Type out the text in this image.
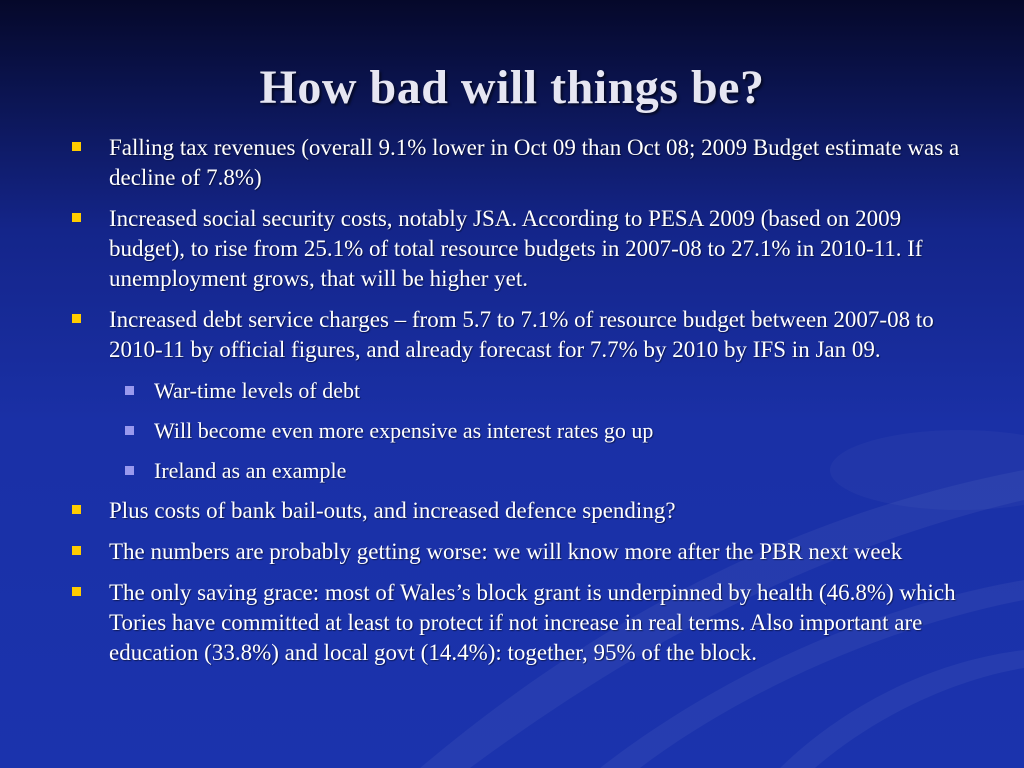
How bad will things be?
Falling tax revenues (overall 9.1% lower in Oct 09 than Oct 08; 2009 Budget estimate was a decline of 7.8%)
Increased social security costs, notably JSA. According to PESA 2009 (based on 2009 budget), to rise from 25.1% of total resource budgets in 2007-08 to 27.1% in 2010-11. If unemployment grows, that will be higher yet.
Increased debt service charges – from 5.7 to 7.1% of resource budget between 2007-08 to 2010-11 by official figures, and already forecast for 7.7% by 2010 by IFS in Jan 09.
War-time levels of debt
Will become even more expensive as interest rates go up
Ireland as an example
Plus costs of bank bail-outs, and increased defence spending?
The numbers are probably getting worse: we will know more after the PBR next week
The only saving grace: most of Wales’s block grant is underpinned by health (46.8%) which Tories have committed at least to protect if not increase in real terms. Also important are education (33.8%) and local govt (14.4%): together, 95% of the block.
